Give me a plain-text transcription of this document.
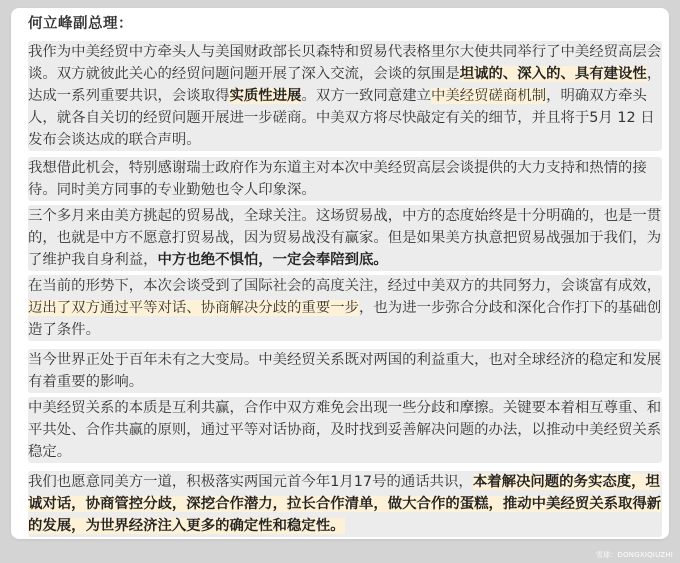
何立峰副总理：
我作为中美经贸中方牵头人与美国财政部长贝森特和贸易代表格里尔大使共同举行了中美经贸高层会
谈。双方就彼此关心的经贸问题问题开展了深入交流，会谈的氛围是坦诚的、深入的、具有建设性，
达成一系列重要共识，会谈取得实质性进展。双方一致同意建立中美经贸磋商机制，明确双方牵头
人，就各自关切的经贸问题开展进一步磋商。中美双方将尽快敲定有关的细节，并且将于5月 12 日
发布会谈达成的联合声明。
我想借此机会，特别感谢瑞士政府作为东道主对本次中美经贸高层会谈提供的大力支持和热情的接
待。同时美方同事的专业勤勉也令人印象深。
三个多月来由美方挑起的贸易战，全球关注。这场贸易战，中方的态度始终是十分明确的，也是一贯
的，也就是中方不愿意打贸易战，因为贸易战没有赢家。但是如果美方执意把贸易战强加于我们，为
了维护我自身利益，中方也绝不惧怕，一定会奉陪到底。
在当前的形势下，本次会谈受到了国际社会的高度关注，经过中美双方的共同努力，会谈富有成效，
迈出了双方通过平等对话、协商解决分歧的重要一步，也为进一步弥合分歧和深化合作打下的基础创
造了条件。
当今世界正处于百年未有之大变局。中美经贸关系既对两国的利益重大，也对全球经济的稳定和发展
有着重要的影响。
中美经贸关系的本质是互利共赢，合作中双方难免会出现一些分歧和摩擦。关键要本着相互尊重、和
平共处、合作共赢的原则，通过平等对话协商，及时找到妥善解决问题的办法，以推动中美经贸关系
稳定。
我们也愿意同美方一道，积极落实两国元首今年1月17号的通话共识，本着解决问题的务实态度，坦
诚对话，协商管控分歧，深挖合作潜力，拉长合作清单，做大合作的蛋糕，推动中美经贸关系取得新
的发展，为世界经济注入更多的确定性和稳定性。
雪球：DONGXIQIUZHI
